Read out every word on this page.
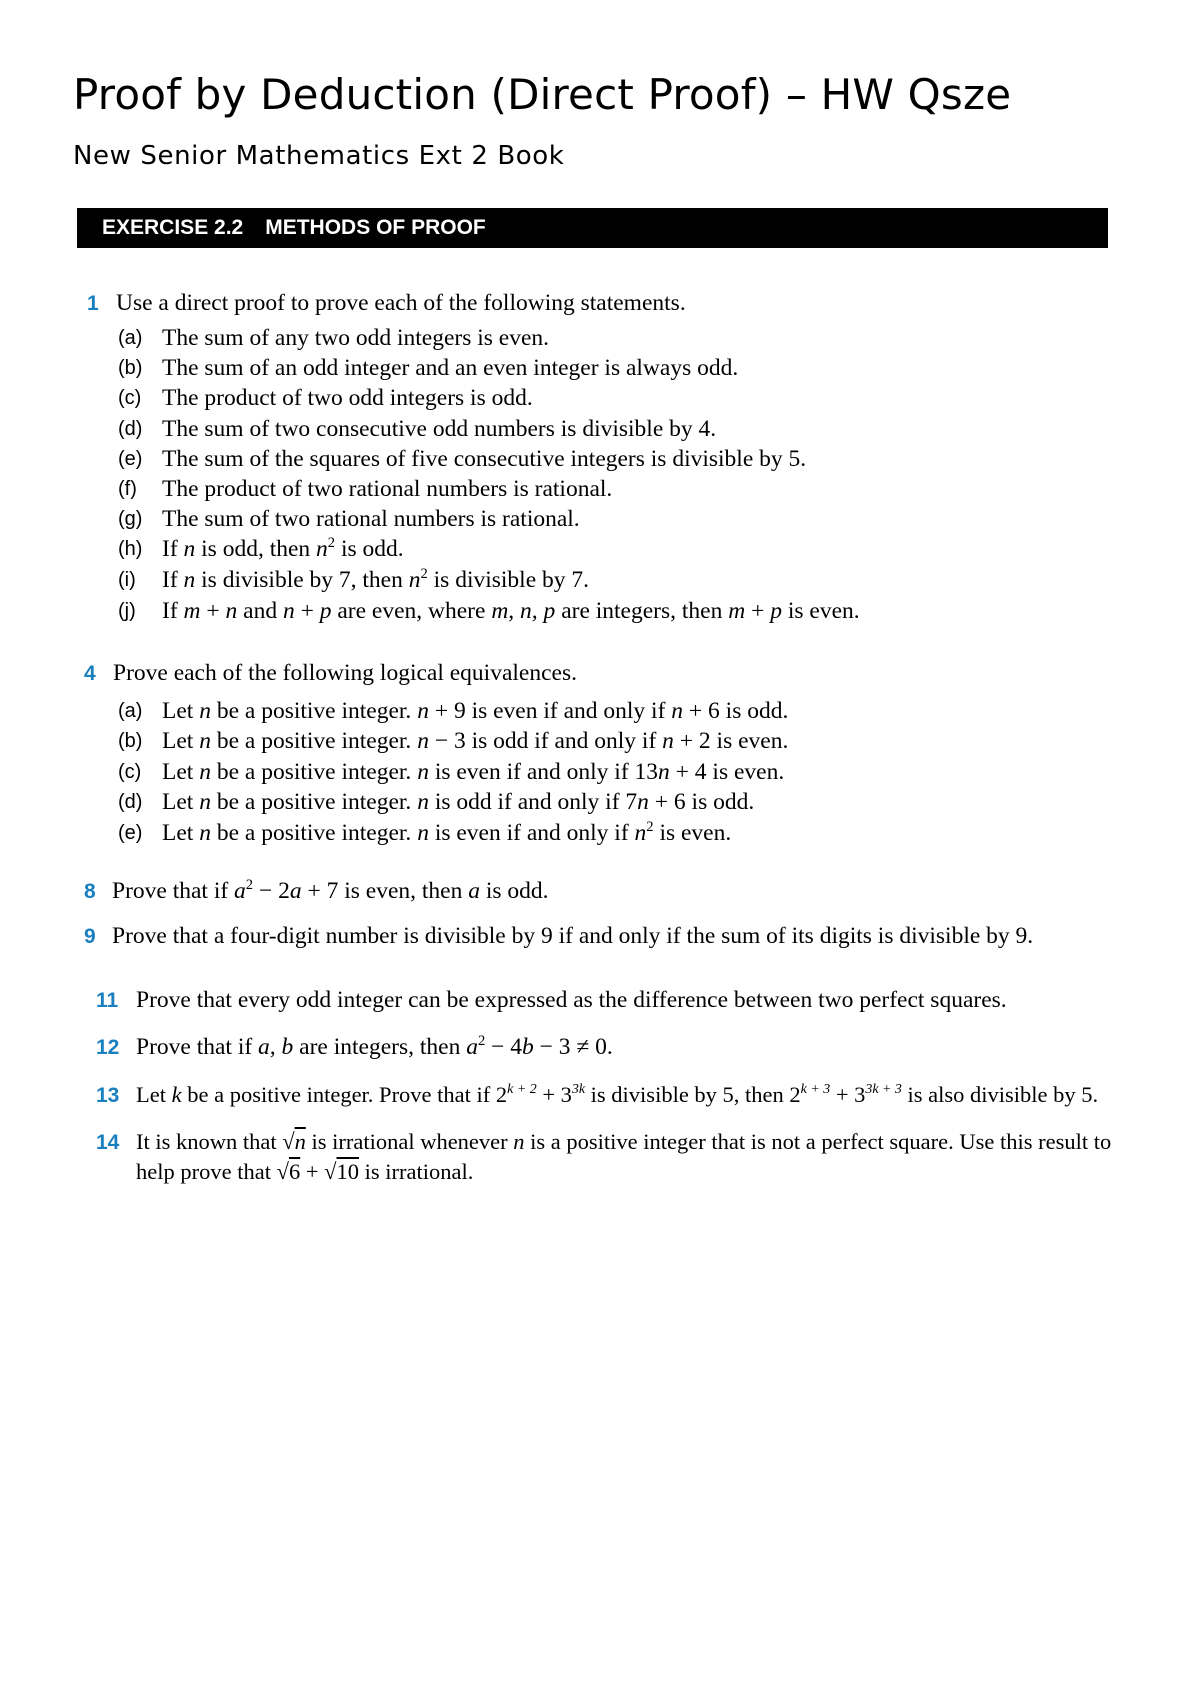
Proof by Deduction (Direct Proof) – HW Qsze
New Senior Mathematics Ext 2 Book
EXERCISE 2.2 METHODS OF PROOF
1 Use a direct proof to prove each of the following statements.
(a) The sum of any two odd integers is even.
(b) The sum of an odd integer and an even integer is always odd.
(c) The product of two odd integers is odd.
(d) The sum of two consecutive odd numbers is divisible by 4.
(e) The sum of the squares of five consecutive integers is divisible by 5.
(f) The product of two rational numbers is rational.
(g) The sum of two rational numbers is rational.
(h) If n is odd, then $n^2$ is odd.
(i) If n is divisible by 7, then $n^2$ is divisible by 7.
(j) If m + n and n + p are even, where m, n, p are integers, then m + p is even.
4 Prove each of the following logical equivalences.
(a) Let n be a positive integer. n + 9 is even if and only if n + 6 is odd.
(b) Let n be a positive integer. n − 3 is odd if and only if n + 2 is even.
(c) Let n be a positive integer. n is even if and only if 13n + 4 is even.
(d) Let n be a positive integer. n is odd if and only if 7n + 6 is odd.
(e) Let n be a positive integer. n is even if and only if $n^2$ is even.
8 Prove that if $a^2 - 2a + 7$ is even, then a is odd.
9 Prove that a four-digit number is divisible by 9 if and only if the sum of its digits is divisible by 9.
11 Prove that every odd integer can be expressed as the difference between two perfect squares.
12 Prove that if a, b are integers, then $a^2 - 4b - 3 \ne 0$.
13 Let k be a positive integer. Prove that if $2^{k + 2} + 3^{3k}$ is divisible by 5, then $2^{k + 3} + 3^{3k + 3}$ is also divisible by 5.
14 It is known that √n is irrational whenever n is a positive integer that is not a perfect square. Use this result to
help prove that √6 + √10 is irrational.
